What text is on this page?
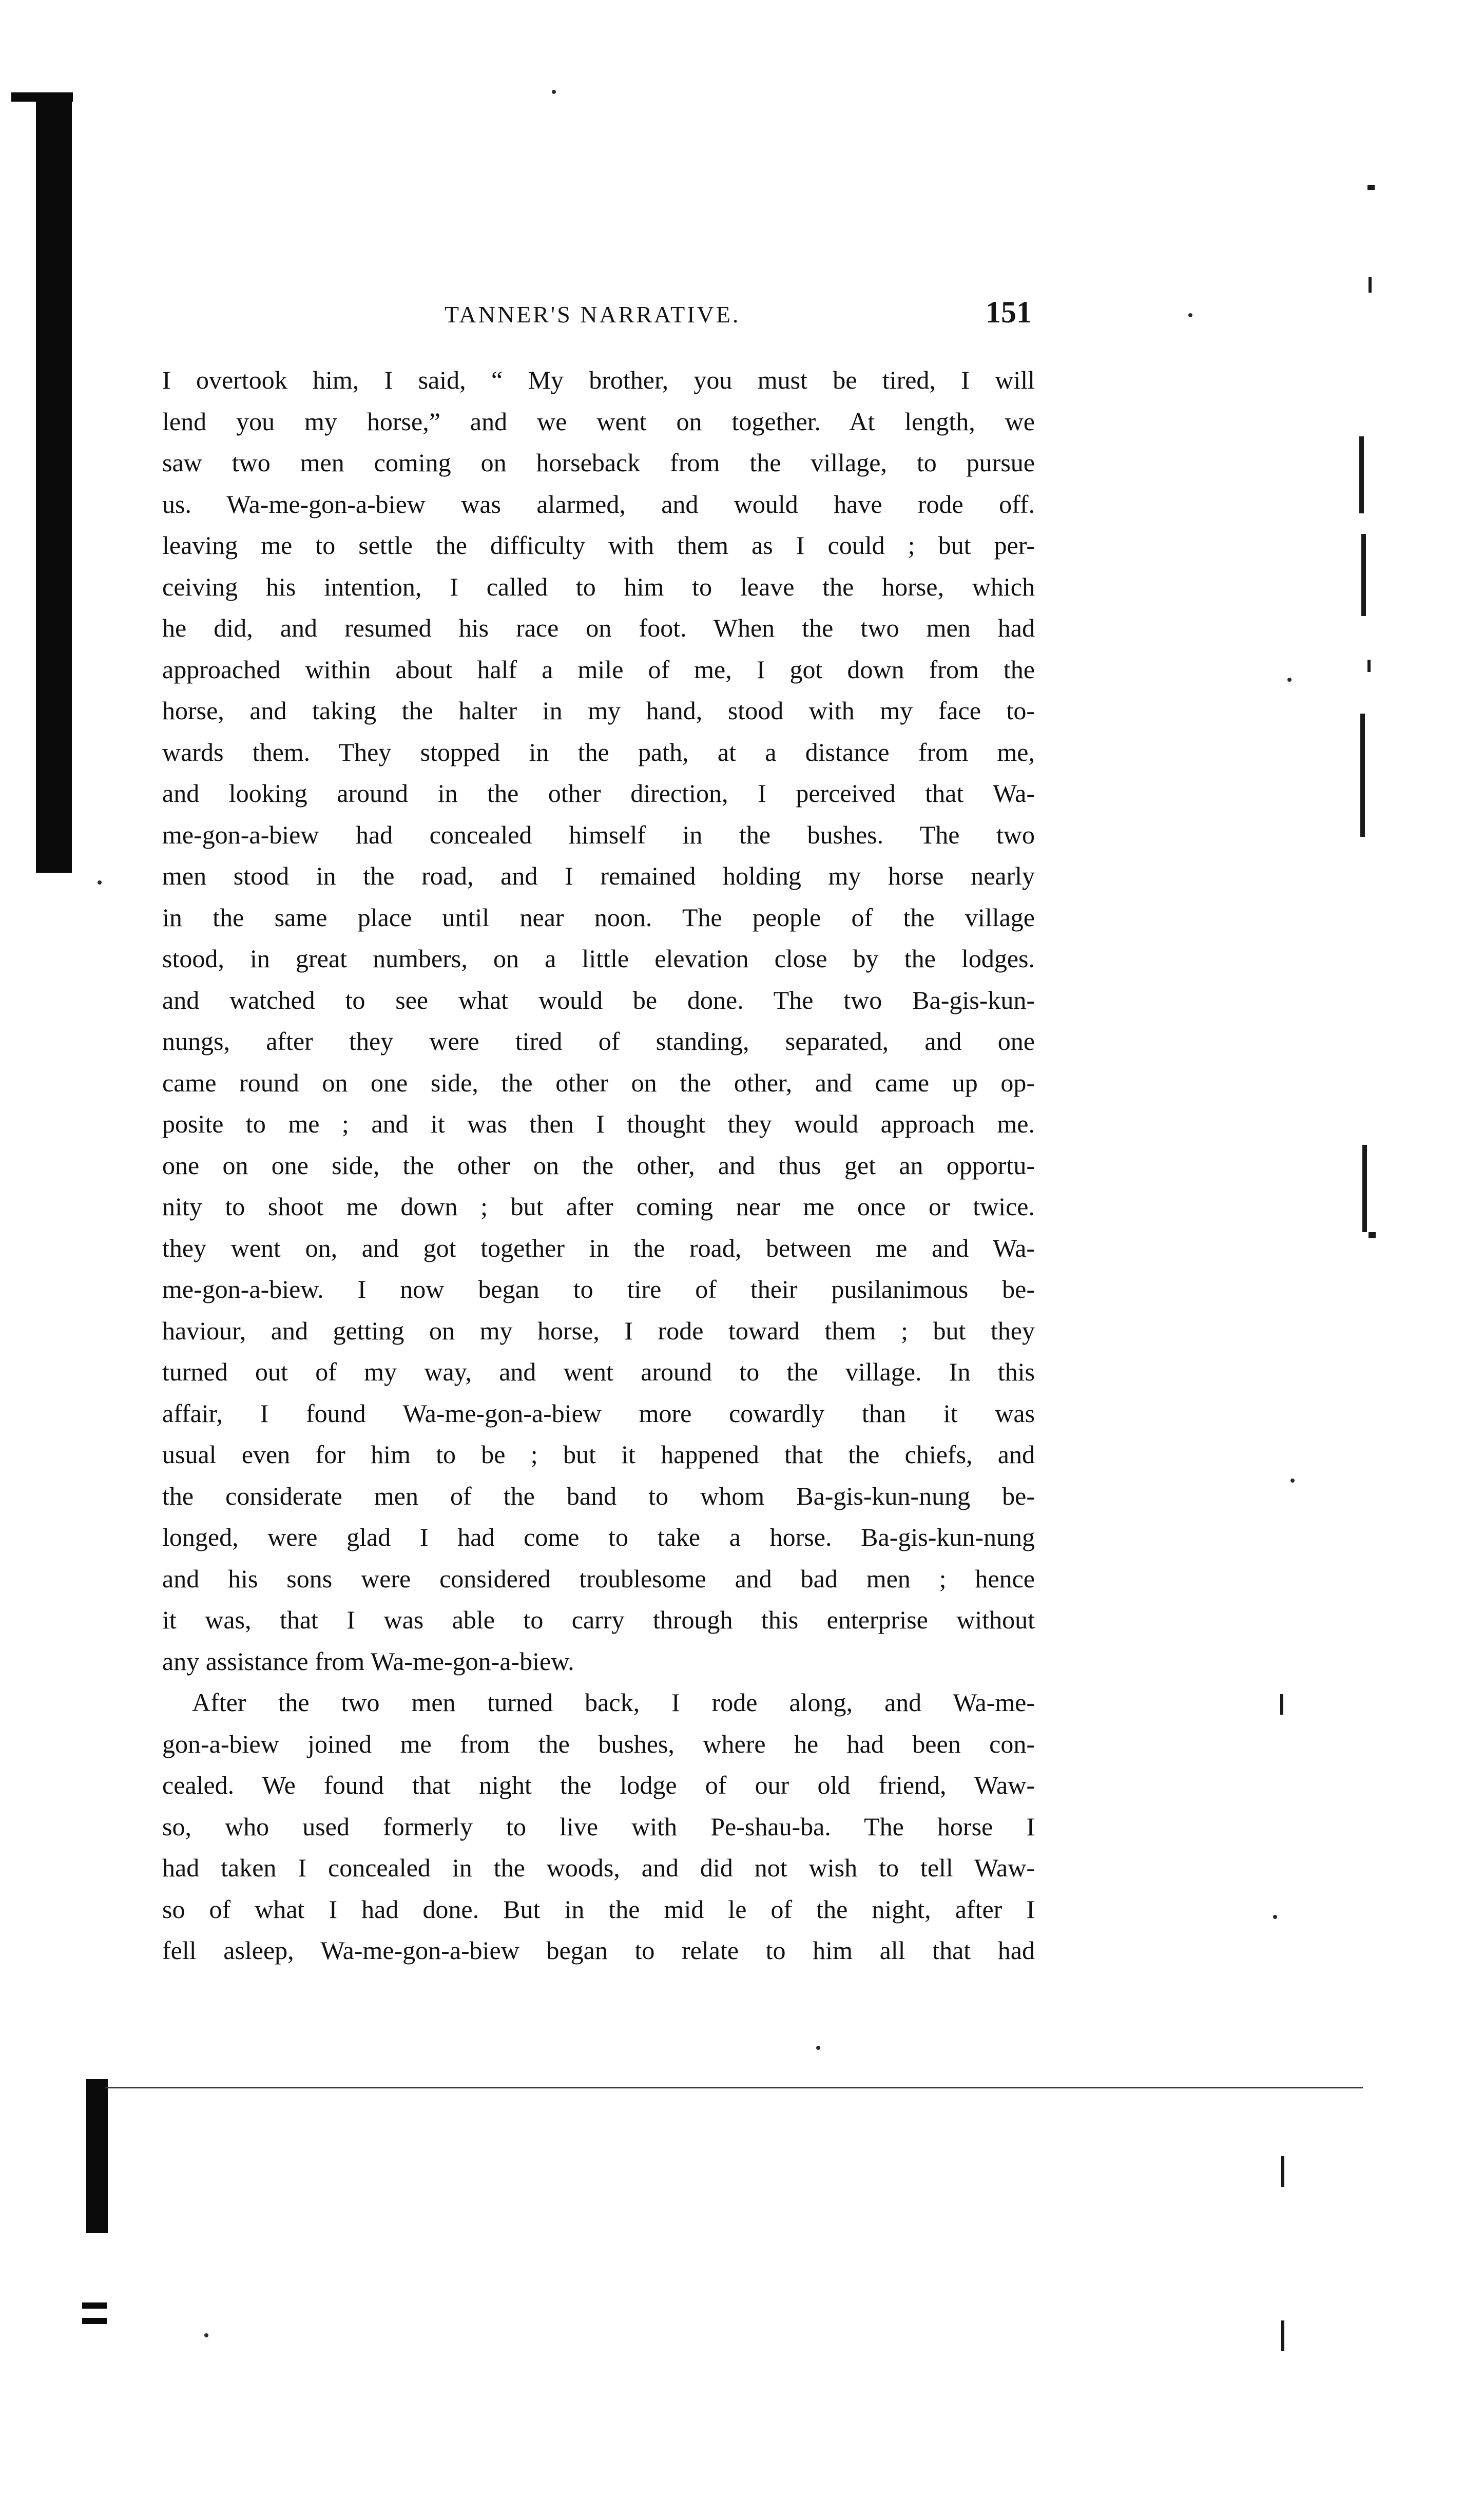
TANNER'S NARRATIVE.	151
I overtook him, I said, “ My brother, you must be tired, I will
lend you my horse,” and we went on together. At length, we
saw two men coming on horseback from the village, to pursue
us. Wa-me-gon-a-biew was alarmed, and would have rode off.
leaving me to settle the difficulty with them as I could ; but per-
ceiving his intention, I called to him to leave the horse, which
he did, and resumed his race on foot. When the two men had
approached within about half a mile of me, I got down from the
horse, and taking the halter in my hand, stood with my face to-
wards them. They stopped in the path, at a distance from me,
and looking around in the other direction, I perceived that Wa-
me-gon-a-biew had concealed himself in the bushes. The two
men stood in the road, and I remained holding my horse nearly
in the same place until near noon. The people of the village
stood, in great numbers, on a little elevation close by the lodges.
and watched to see what would be done. The two Ba-gis-kun-
nungs, after they were tired of standing, separated, and one
came round on one side, the other on the other, and came up op-
posite to me ; and it was then I thought they would approach me.
one on one side, the other on the other, and thus get an opportu-
nity to shoot me down ; but after coming near me once or twice.
they went on, and got together in the road, between me and Wa-
me-gon-a-biew. I now began to tire of their pusilanimous be-
haviour, and getting on my horse, I rode toward them ; but they
turned out of my way, and went around to the village. In this
affair, I found Wa-me-gon-a-biew more cowardly than it was
usual even for him to be ; but it happened that the chiefs, and
the considerate men of the band to whom Ba-gis-kun-nung be-
longed, were glad I had come to take a horse. Ba-gis-kun-nung
and his sons were considered troublesome and bad men ; hence
it was, that I was able to carry through this enterprise without
any assistance from Wa-me-gon-a-biew.
After the two men turned back, I rode along, and Wa-me-
gon-a-biew joined me from the bushes, where he had been con-
cealed. We found that night the lodge of our old friend, Waw-
so, who used formerly to live with Pe-shau-ba. The horse I
had taken I concealed in the woods, and did not wish to tell Waw-
so of what I had done. But in the mid le of the night, after I
fell asleep, Wa-me-gon-a-biew began to relate to him all that had
